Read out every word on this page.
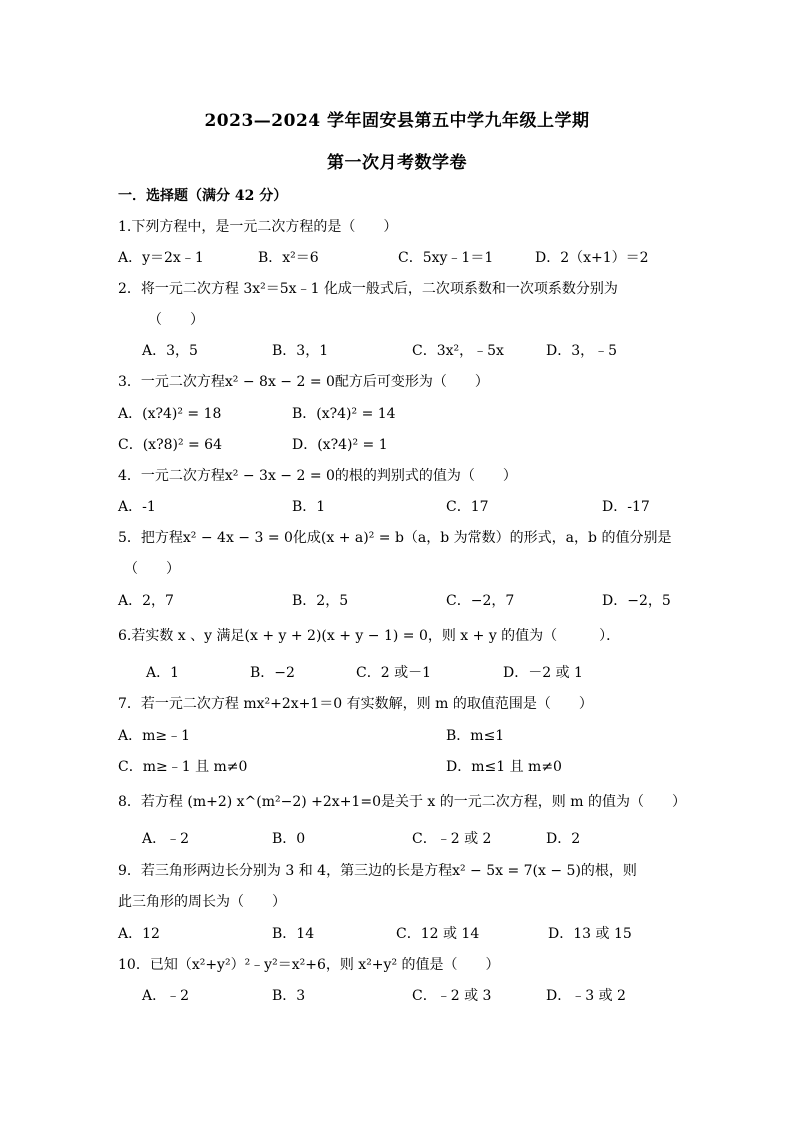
2023—2024 学年固安县第五中学九年级上学期
第一次月考数学卷
一．选择题（满分 42 分）
1.下列方程中，是一元二次方程的是（　　）
A．y＝2x﹣1	B．x²＝6	C．5xy﹣1＝1	D．2（x+1）＝2
2．将一元二次方程 3x²＝5x﹣1 化成一般式后，二次项系数和一次项系数分别为
（　　）
A．3，5	B．3，1	C．3x²，﹣5x	D．3，﹣5
3．一元二次方程x² − 8x − 2 = 0配方后可变形为（　　）
A．(x?4)² = 18	B．(x?4)² = 14
C．(x?8)² = 64	D．(x?4)² = 1
4．一元二次方程x² − 3x − 2 = 0的根的判别式的值为（　　）
A．-1	B．1	C．17	D．-17
5．把方程x² − 4x − 3 = 0化成(x + a)² = b（a，b 为常数）的形式，a，b 的值分别是
（　　）
A．2，7	B．2，5	C．−2，7	D．−2，5
6.若实数 x 、y 满足(x + y + 2)(x + y − 1) = 0，则 x + y 的值为（　　　）．
A．1	B．−2	C．2 或－1	D．－2 或 1
7．若一元二次方程 mx²+2x+1＝0 有实数解，则 m 的取值范围是（　　）
A．m≥﹣1	B．m≤1
C．m≥﹣1 且 m≠0	D．m≤1 且 m≠0
8．若方程 (m+2) x^(m²−2) +2x+1=0是关于 x 的一元二次方程，则 m 的值为（　　）
A．﹣2	B．0	C．﹣2 或 2	D．2
9．若三角形两边长分别为 3 和 4，第三边的长是方程x² − 5x = 7(x − 5)的根，则
此三角形的周长为（　　）
A．12	B．14	C．12 或 14	D．13 或 15
10．已知（x²+y²）²﹣y²＝x²+6，则 x²+y² 的值是（　　）
A．﹣2	B．3	C．﹣2 或 3	D．﹣3 或 2
